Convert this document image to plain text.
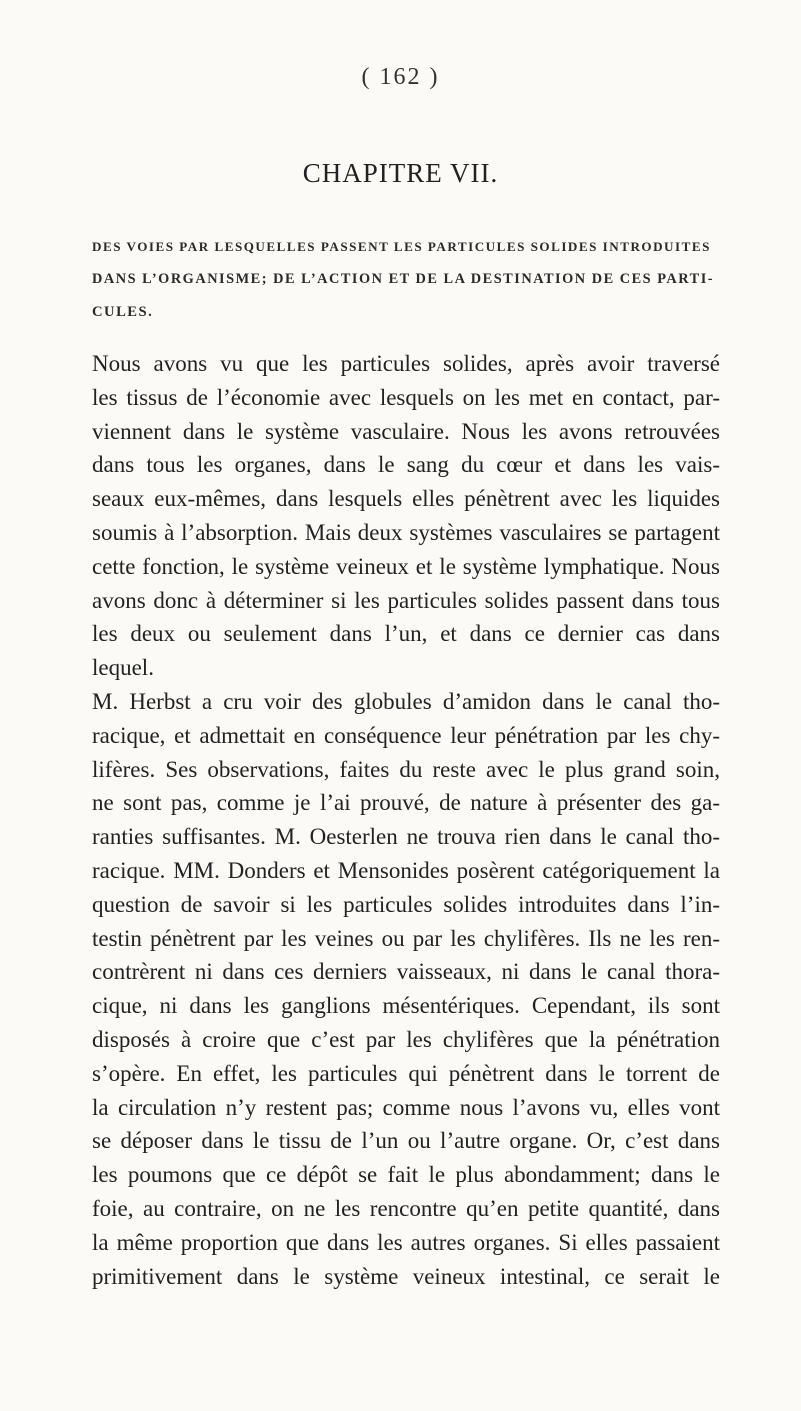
( 162 )
CHAPITRE VII.
DES VOIES PAR LESQUELLES PASSENT LES PARTICULES SOLIDES INTRODUITES
DANS L’ORGANISME; DE L’ACTION ET DE LA DESTINATION DE CES PARTI-
CULES.
Nous avons vu que les particules solides, après avoir traversé
les tissus de l’économie avec lesquels on les met en contact, par-
viennent dans le système vasculaire. Nous les avons retrouvées
dans tous les organes, dans le sang du cœur et dans les vais-
seaux eux-mêmes, dans lesquels elles pénètrent avec les liquides
soumis à l’absorption. Mais deux systèmes vasculaires se partagent
cette fonction, le système veineux et le système lymphatique. Nous
avons donc à déterminer si les particules solides passent dans tous
les deux ou seulement dans l’un, et dans ce dernier cas dans
lequel.
M. Herbst a cru voir des globules d’amidon dans le canal tho-
racique, et admettait en conséquence leur pénétration par les chy-
lifères. Ses observations, faites du reste avec le plus grand soin,
ne sont pas, comme je l’ai prouvé, de nature à présenter des ga-
ranties suffisantes. M. Oesterlen ne trouva rien dans le canal tho-
racique. MM. Donders et Mensonides posèrent catégoriquement la
question de savoir si les particules solides introduites dans l’in-
testin pénètrent par les veines ou par les chylifères. Ils ne les ren-
contrèrent ni dans ces derniers vaisseaux, ni dans le canal thora-
cique, ni dans les ganglions mésentériques. Cependant, ils sont
disposés à croire que c’est par les chylifères que la pénétration
s’opère. En effet, les particules qui pénètrent dans le torrent de
la circulation n’y restent pas; comme nous l’avons vu, elles vont
se déposer dans le tissu de l’un ou l’autre organe. Or, c’est dans
les poumons que ce dépôt se fait le plus abondamment; dans le
foie, au contraire, on ne les rencontre qu’en petite quantité, dans
la même proportion que dans les autres organes. Si elles passaient
primitivement dans le système veineux intestinal, ce serait le
